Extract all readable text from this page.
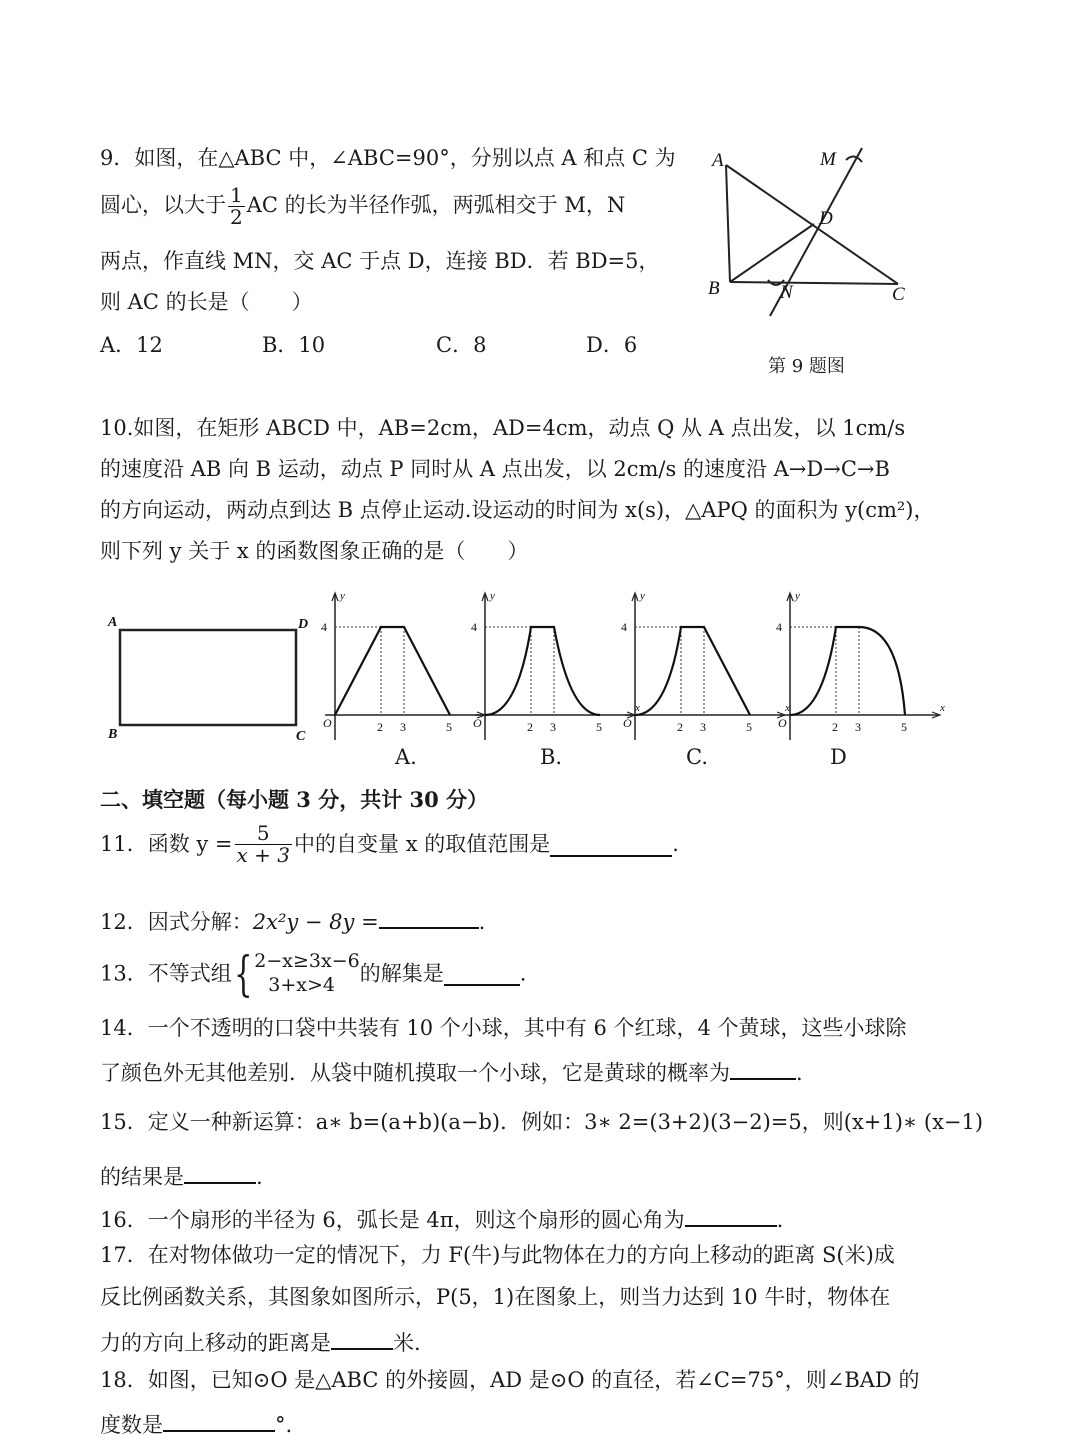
9．如图，在△ABC 中，∠ABC=90°，分别以点 A 和点 C 为
圆心，以大于 $\frac{1}{2}$ AC 的长为半径作弧，两弧相交于 M，N
两点，作直线 MN，交 AC 于点 D，连接 BD．若 BD=5，
则 AC 的长是（　　）
A．12	B．10	C．8	D．6
A	M
D
B	N	C
第 9 题图
10.如图，在矩形 ABCD 中，AB=2cm，AD=4cm，动点 Q 从 A 点出发，以 1cm/s
的速度沿 AB 向 B 运动，动点 P 同时从 A 点出发，以 2cm/s 的速度沿 A→D→C→B
的方向运动，两动点到达 B 点停止运动.设运动的时间为 x(s)，△APQ 的面积为 y(cm²)，
则下列 y 关于 x 的函数图象正确的是（　　）
A	D
B	C
y
O
4
2 3	5
y
x
O
4
2 3	5
y
x
O
4
2 3	5
y
x
O
4
2 3	5
A.	B.	C.	D
二、填空题（每小题 3 分，共计 30 分）
11．函数 $y = \frac{5}{x + 3}$ 中的自变量 x 的取值范围是	.
12．因式分解：2x²y − 8y =	.
13．不等式组{ 2−x≥3x−6
3+x>4	的解集是	.
14．一个不透明的口袋中共装有 10 个小球，其中有 6 个红球，4 个黄球，这些小球除
了颜色外无其他差别．从袋中随机摸取一个小球，它是黄球的概率为	.
15．定义一种新运算：a∗ b=(a+b)(a−b)．例如：3∗ 2=(3+2)(3−2)=5，则(x+1)∗ (x−1)
的结果是	.
16．一个扇形的半径为 6，弧长是 4π，则这个扇形的圆心角为	.
17．在对物体做功一定的情况下，力 F(牛)与此物体在力的方向上移动的距离 S(米)成
反比例函数关系，其图象如图所示，P(5，1)在图象上，则当力达到 10 牛时，物体在
力的方向上移动的距离是	米.
18．如图，已知⊙O 是△ABC 的外接圆，AD 是⊙O 的直径，若∠C=75°，则∠BAD 的
度数是	°.
